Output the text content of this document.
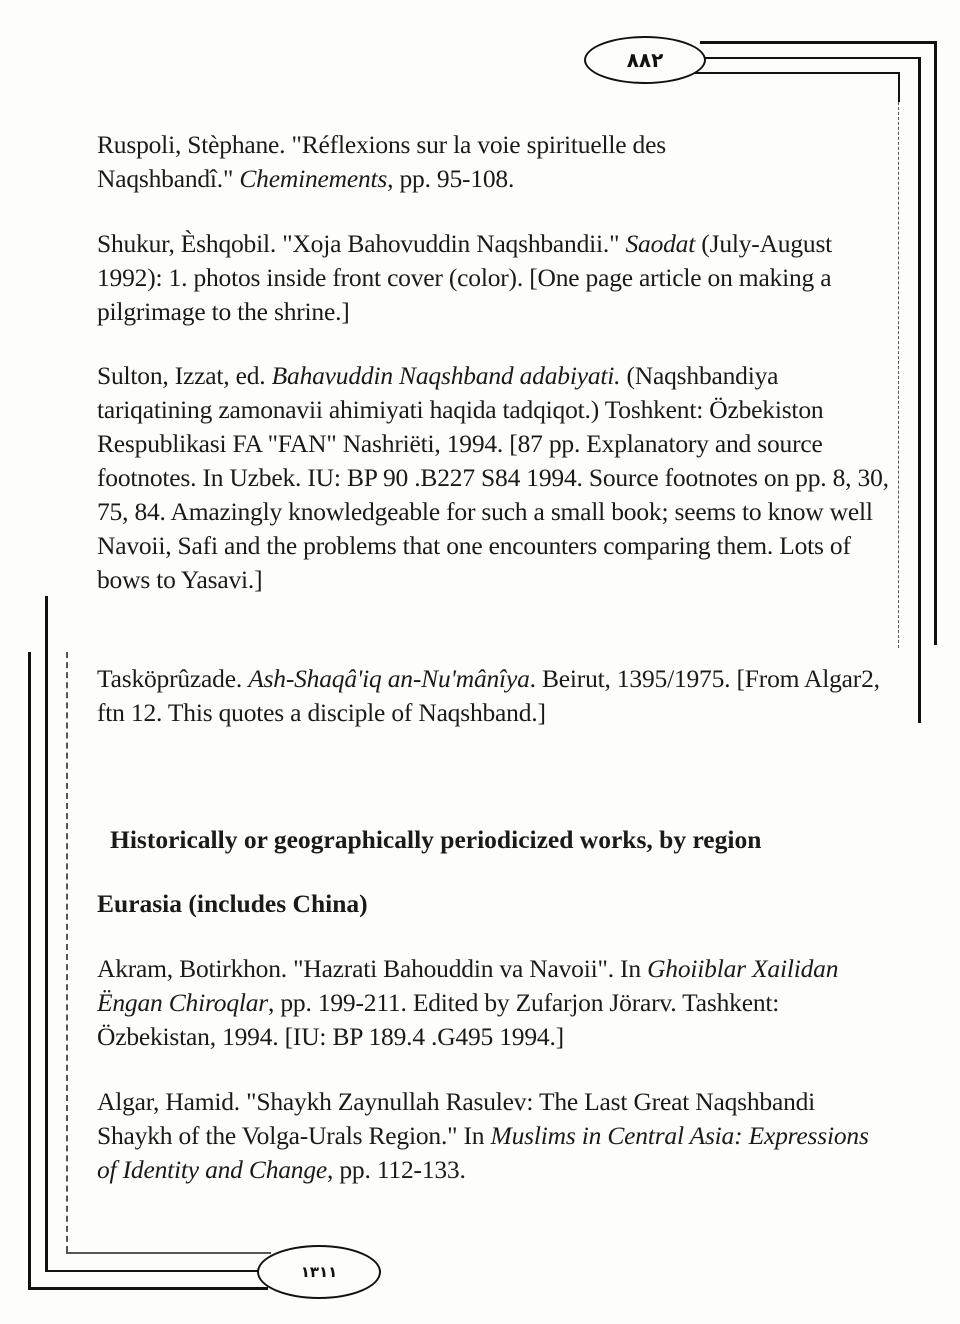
۸۸۲

Ruspoli, Stèphane. "Réflexions sur la voie spirituelle des Naqshbandî." Cheminements, pp. 95-108.

Shukur, Èshqobil. "Xoja Bahovuddin Naqshbandii." Saodat (July-August 1992): 1. photos inside front cover (color). [One page article on making a pilgrimage to the shrine.]

Sulton, Izzat, ed. Bahavuddin Naqshband adabiyati. (Naqshbandiya tariqatining zamonavii ahimiyati haqida tadqiqot.) Toshkent: Özbekiston Respublikasi FA "FAN" Nashriëti, 1994. [87 pp. Explanatory and source footnotes. In Uzbek. IU: BP 90 .B227 S84 1994. Source footnotes on pp. 8, 30, 75, 84. Amazingly knowledgeable for such a small book; seems to know well Navoii, Safi and the problems that one encounters comparing them. Lots of bows to Yasavi.]

Tasköprûzade. Ash-Shaqâ'iq an-Nu'mânîya. Beirut, 1395/1975. [From Algar2, ftn 12. This quotes a disciple of Naqshband.]

Historically or geographically periodicized works, by region
Eurasia (includes China)

Akram, Botirkhon. "Hazrati Bahouddin va Navoii". In Ghoiiblar Xailidan Ëngan Chiroqlar, pp. 199-211. Edited by Zufarjon Jörarv. Tashkent: Özbekistan, 1994. [IU: BP 189.4 .G495 1994.]

Algar, Hamid. "Shaykh Zaynullah Rasulev: The Last Great Naqshbandi Shaykh of the Volga-Urals Region." In Muslims in Central Asia: Expressions of Identity and Change, pp. 112-133.

۱۳۱۱
